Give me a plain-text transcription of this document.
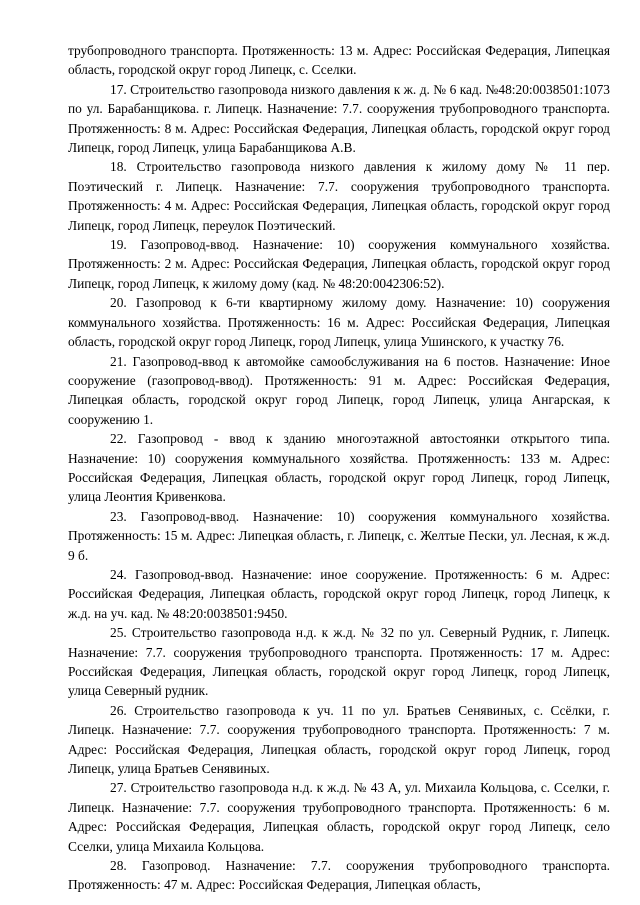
трубопроводного транспорта. Протяженность: 13 м. Адрес: Российская Федерация, Липецкая область, городской округ город Липецк, с. Сселки.

17. Строительство газопровода низкого давления к ж. д. № 6 кад. №48:20:0038501:1073 по ул. Барабанщикова. г. Липецк. Назначение: 7.7. сооружения трубопроводного транспорта. Протяженность: 8 м. Адрес: Российская Федерация, Липецкая область, городской округ город Липецк, город Липецк, улица Барабанщикова А.В.

18. Строительство газопровода низкого давления к жилому дому № 11 пер. Поэтический г. Липецк. Назначение: 7.7. сооружения трубопроводного транспорта. Протяженность: 4 м. Адрес: Российская Федерация, Липецкая область, городской округ город Липецк, город Липецк, переулок Поэтический.

19. Газопровод-ввод. Назначение: 10) сооружения коммунального хозяйства. Протяженность: 2 м. Адрес: Российская Федерация, Липецкая область, городской округ город Липецк, город Липецк, к жилому дому (кад. № 48:20:0042306:52).

20. Газопровод к 6-ти квартирному жилому дому. Назначение: 10) сооружения коммунального хозяйства. Протяженность: 16 м. Адрес: Российская Федерация, Липецкая область, городской округ город Липецк, город Липецк, улица Ушинского, к участку 76.

21. Газопровод-ввод к автомойке самообслуживания на 6 постов. Назначение: Иное сооружение (газопровод-ввод). Протяженность: 91 м. Адрес: Российская Федерация, Липецкая область, городской округ город Липецк, город Липецк, улица Ангарская, к сооружению 1.

22. Газопровод - ввод к зданию многоэтажной автостоянки открытого типа. Назначение: 10) сооружения коммунального хозяйства. Протяженность: 133 м. Адрес: Российская Федерация, Липецкая область, городской округ город Липецк, город Липецк, улица Леонтия Кривенкова.

23. Газопровод-ввод. Назначение: 10) сооружения коммунального хозяйства. Протяженность: 15 м. Адрес: Липецкая область, г. Липецк, с. Желтые Пески, ул. Лесная, к ж.д. 9 б.

24. Газопровод-ввод. Назначение: иное сооружение. Протяженность: 6 м. Адрес: Российская Федерация, Липецкая область, городской округ город Липецк, город Липецк, к ж.д. на уч. кад. № 48:20:0038501:9450.

25. Строительство газопровода н.д. к ж.д. № 32 по ул. Северный Рудник, г. Липецк. Назначение: 7.7. сооружения трубопроводного транспорта. Протяженность: 17 м. Адрес: Российская Федерация, Липецкая область, городской округ город Липецк, город Липецк, улица Северный рудник.

26. Строительство газопровода к уч. 11 по ул. Братьев Сенявиных, с. Ссёлки, г. Липецк. Назначение: 7.7. сооружения трубопроводного транспорта. Протяженность: 7 м. Адрес: Российская Федерация, Липецкая область, городской округ город Липецк, город Липецк, улица Братьев Сенявиных.

27. Строительство газопровода н.д. к ж.д. № 43 А, ул. Михаила Кольцова, с. Сселки, г. Липецк. Назначение: 7.7. сооружения трубопроводного транспорта. Протяженность: 6 м. Адрес: Российская Федерация, Липецкая область, городской округ город Липецк, село Сселки, улица Михаила Кольцова.

28. Газопровод. Назначение: 7.7. сооружения трубопроводного транспорта. Протяженность: 47 м. Адрес: Российская Федерация, Липецкая область,
